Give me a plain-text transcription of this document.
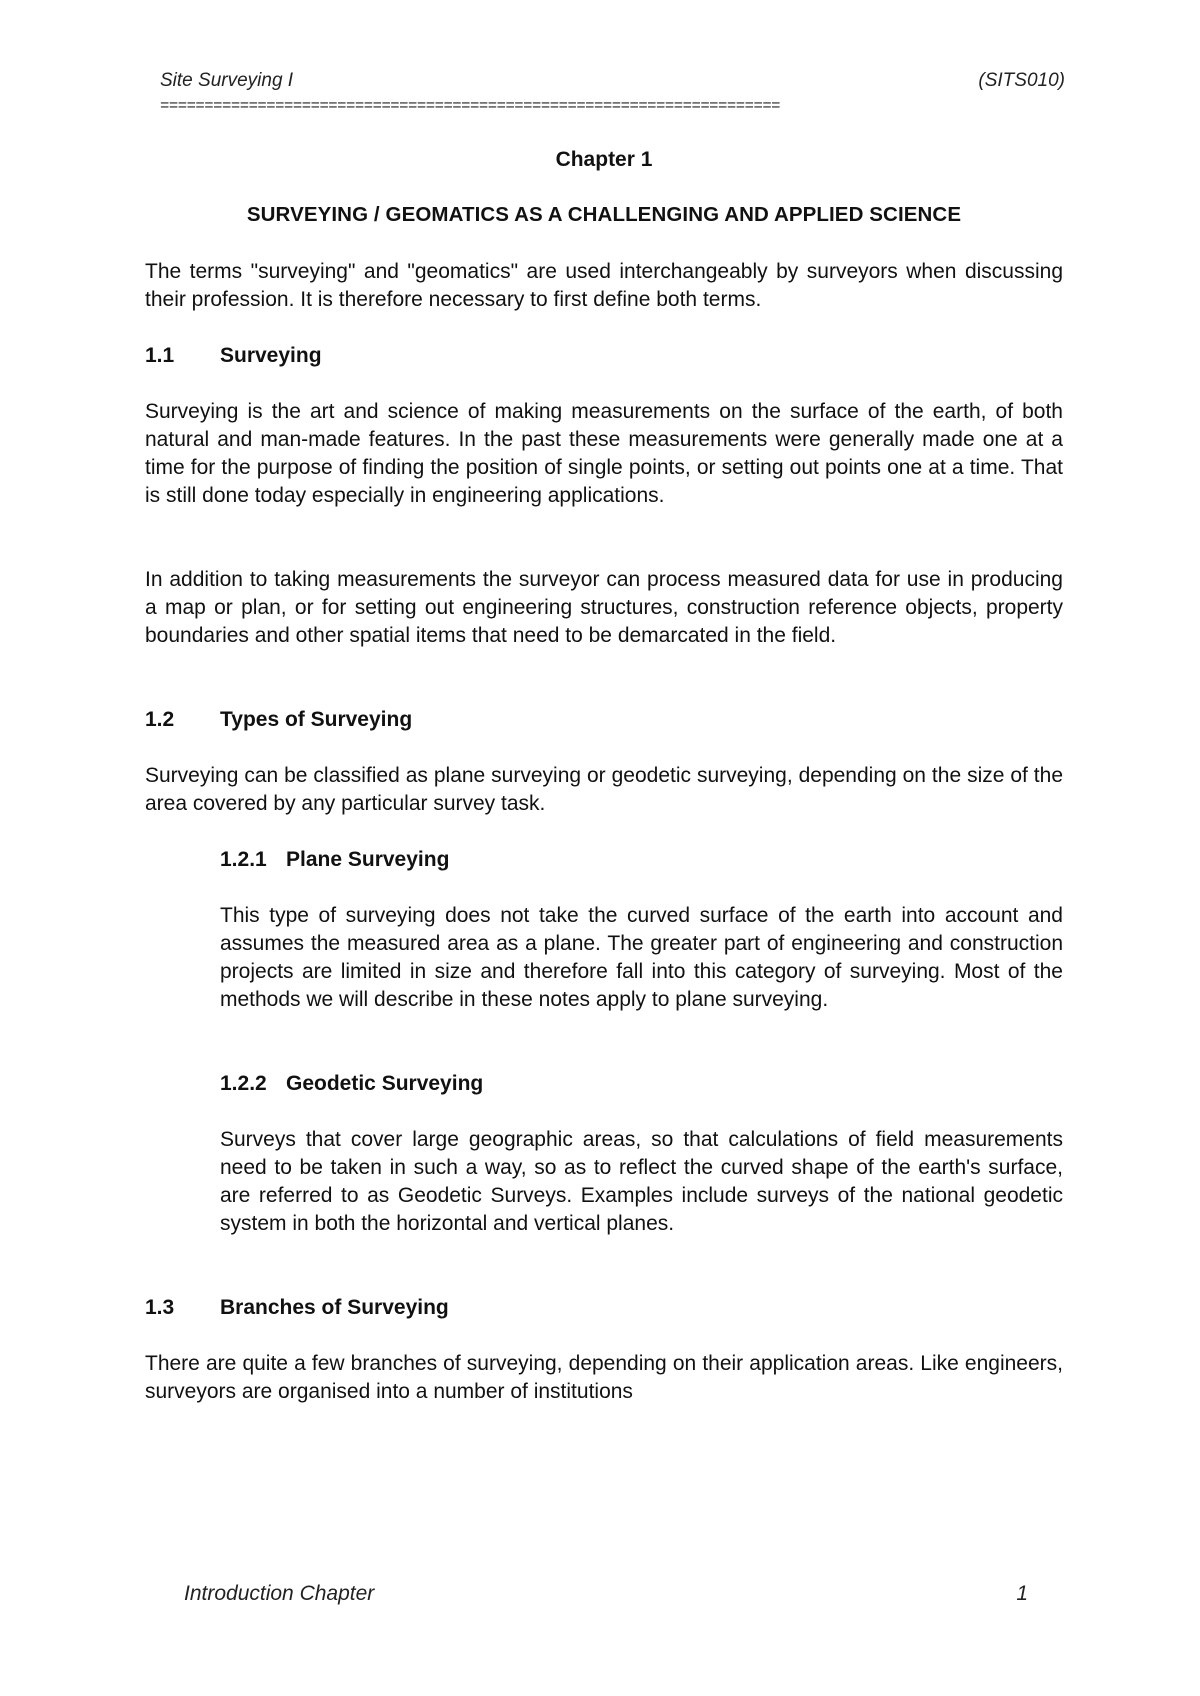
Site Surveying I	(SITS010)
======================================================================
Chapter 1
SURVEYING / GEOMATICS AS A CHALLENGING AND APPLIED SCIENCE
The terms "surveying" and "geomatics" are used interchangeably by surveyors when discussing their profession. It is therefore necessary to first define both terms.
1.1 Surveying
Surveying is the art and science of making measurements on the surface of the earth, of both natural and man-made features. In the past these measurements were generally made one at a time for the purpose of finding the position of single points, or setting out points one at a time. That is still done today especially in engineering applications.
In addition to taking measurements the surveyor can process measured data for use in producing a map or plan, or for setting out engineering structures, construction reference objects, property boundaries and other spatial items that need to be demarcated in the field.
1.2 Types of Surveying
Surveying can be classified as plane surveying or geodetic surveying, depending on the size of the area covered by any particular survey task.
1.2.1 Plane Surveying
This type of surveying does not take the curved surface of the earth into account and assumes the measured area as a plane. The greater part of engineering and construction projects are limited in size and therefore fall into this category of surveying. Most of the methods we will describe in these notes apply to plane surveying.
1.2.2 Geodetic Surveying
Surveys that cover large geographic areas, so that calculations of field measurements need to be taken in such a way, so as to reflect the curved shape of the earth's surface, are referred to as Geodetic Surveys. Examples include surveys of the national geodetic system in both the horizontal and vertical planes.
1.3 Branches of Surveying
There are quite a few branches of surveying, depending on their application areas. Like engineers, surveyors are organised into a number of institutions
Introduction Chapter	1
